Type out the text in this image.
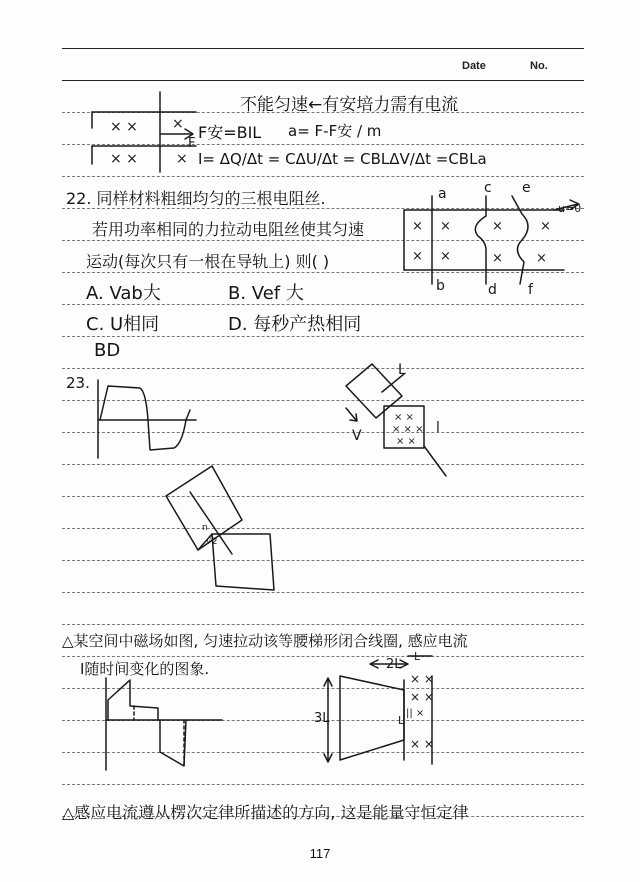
Date	No.
不能匀速←有安培力需有电流
F安=BIL a= F-F安 / m
I= ΔQ/Δt = CΔU/Δt = CBLΔV/Δt =CBLa
22. 同样材料粗细均匀的三根电阻丝.
若用功率相同的力拉动电阻丝使其匀速
运动(每次只有一根在导轨上) 则( )
A. Vab大	B. Vef 大
C. U相同	D. 每秒产热相同
BD
23.
△某空间中磁场如图, 匀速拉动该等腰梯形闭合线圈, 感应电流
I随时间变化的图象.
△感应电流遵从楞次定律所描述的方向, 这是能量守恒定律
117
× × ×
× ×	×
F
× ×	×	×
× ×	×	×
a
b
c
d
e
f
u=0
× ×
× × ×
× ×
L
l
V
n
√2
× ×
× ×
|| ×
× ×
2L
L
3L	L
